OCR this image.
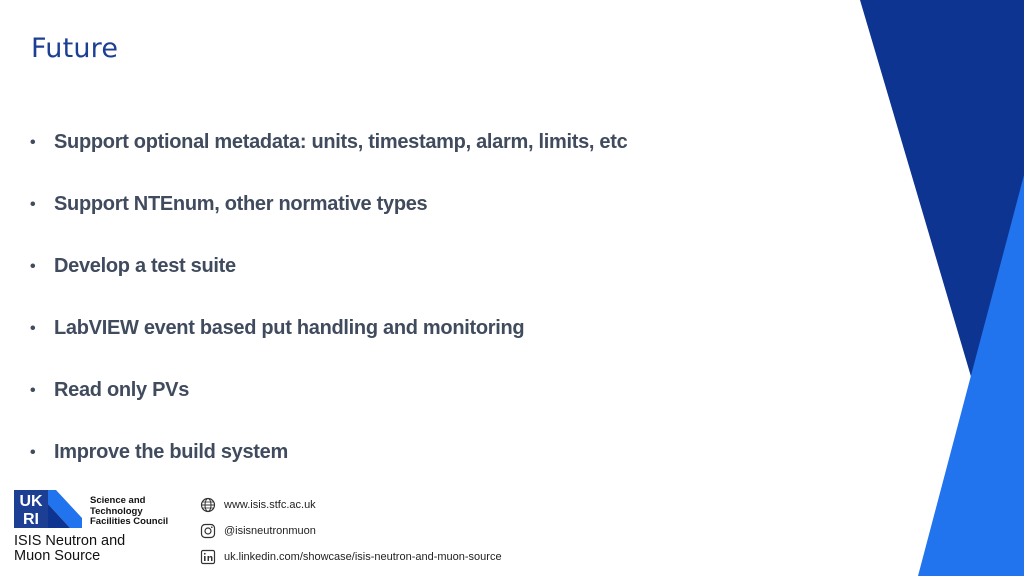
Future
• Support optional metadata: units, timestamp, alarm, limits, etc
• Support NTEnum, other normative types
• Develop a test suite
• LabVIEW event based put handling and monitoring
• Read only PVs
• Improve the build system
UK
RI
Science and
Technology
Facilities Council
ISIS Neutron and
Muon Source
www.isis.stfc.ac.uk
@isisneutronmuon
uk.linkedin.com/showcase/isis-neutron-and-muon-source
